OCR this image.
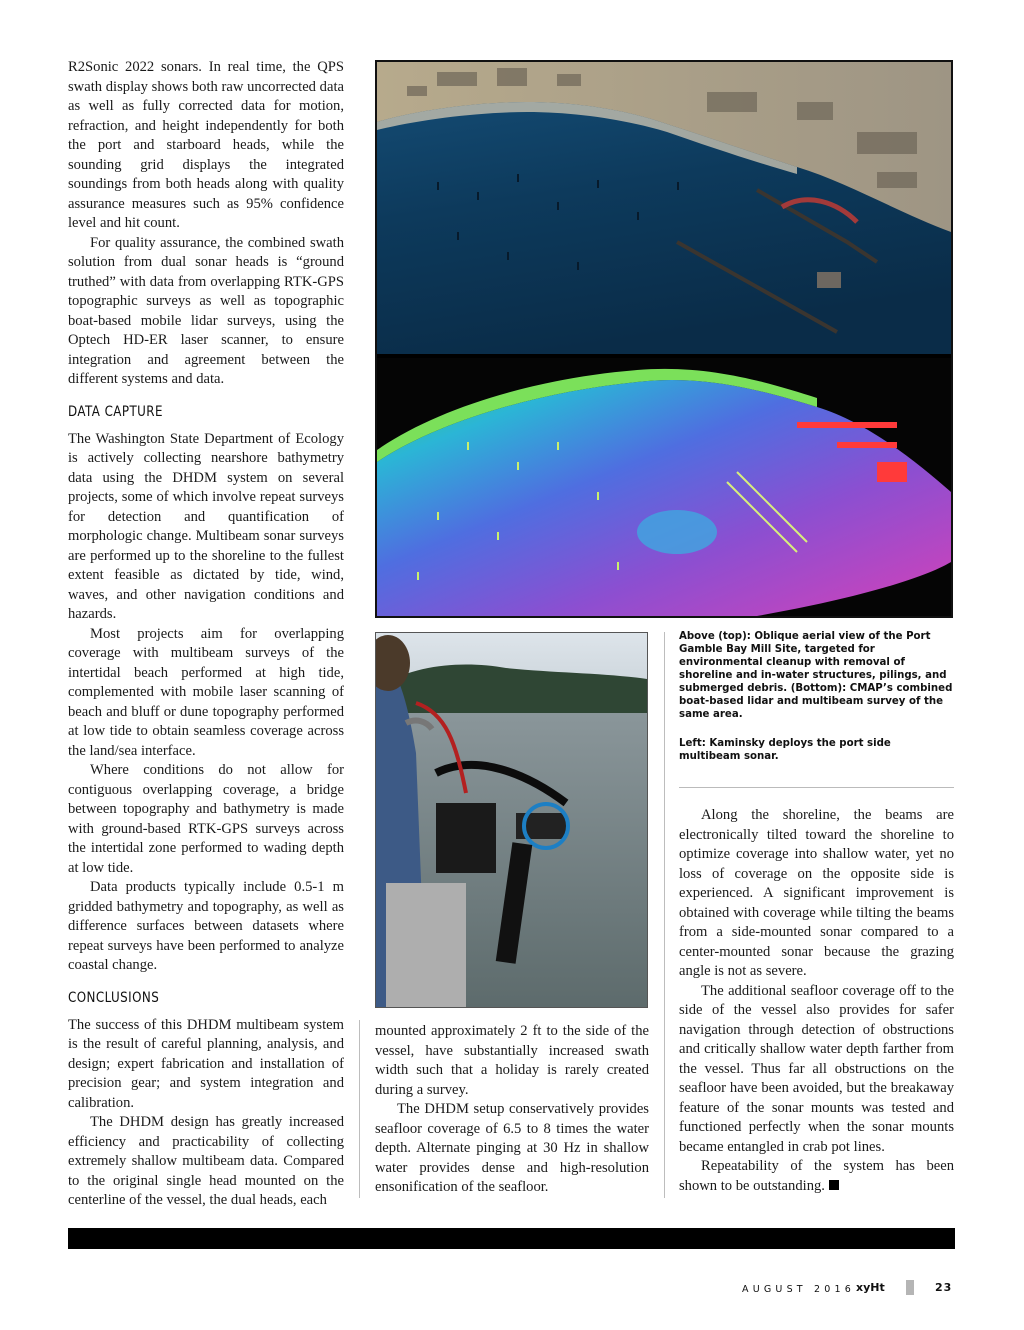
R2Sonic 2022 sonars. In real time, the QPS swath display shows both raw uncorrected data as well as fully corrected data for motion, refraction, and height independently for both the port and starboard heads, while the sounding grid displays the integrated soundings from both heads along with quality assurance measures such as 95% confidence level and hit count.

For quality assurance, the combined swath solution from dual sonar heads is “ground truthed” with data from overlapping RTK-GPS topographic surveys as well as topographic boat-based mobile lidar surveys, using the Optech HD-ER laser scanner, to ensure integration and agreement between the different systems and data.

DATA CAPTURE

The Washington State Department of Ecology is actively collecting nearshore bathymetry data using the DHDM system on several projects, some of which involve repeat surveys for detection and quantification of morphologic change. Multibeam sonar surveys are performed up to the shoreline to the fullest extent feasible as dictated by tide, wind, waves, and other navigation conditions and hazards.

Most projects aim for overlapping coverage with multibeam surveys of the intertidal beach performed at high tide, complemented with mobile laser scanning of beach and bluff or dune topography performed at low tide to obtain seamless coverage across the land/sea interface.

Where conditions do not allow for contiguous overlapping coverage, a bridge between topography and bathymetry is made with ground-based RTK-GPS surveys across the intertidal zone performed to wading depth at low tide.

Data products typically include 0.5-1 m gridded bathymetry and topography, as well as difference surfaces between datasets where repeat surveys have been performed to analyze coastal change.

CONCLUSIONS

The success of this DHDM multibeam system is the result of careful planning, analysis, and design; expert fabrication and installation of precision gear; and system integration and calibration.

The DHDM design has greatly increased efficiency and practicability of collecting extremely shallow multibeam data. Compared to the original single head mounted on the centerline of the vessel, the dual heads, each

Above (top): Oblique aerial view of the Port Gamble Bay Mill Site, targeted for environmental cleanup with removal of shoreline and in-water structures, pilings, and submerged debris. (Bottom): CMAP’s combined boat-based lidar and multibeam survey of the same area.
Left: Kaminsky deploys the port side multibeam sonar.

mounted approximately 2 ft to the side of the vessel, have substantially increased swath width such that a holiday is rarely created during a survey.

The DHDM setup conservatively provides seafloor coverage of 6.5 to 8 times the water depth. Alternate pinging at 30 Hz in shallow water provides dense and high-resolution ensonification of the seafloor.

Along the shoreline, the beams are electronically tilted toward the shoreline to optimize coverage into shallow water, yet no loss of coverage on the opposite side is experienced. A significant improvement is obtained with coverage while tilting the beams from a side-mounted sonar compared to a center-mounted sonar because the grazing angle is not as severe.

The additional seafloor coverage off to the side of the vessel also provides for safer navigation through detection of obstructions and critically shallow water depth farther from the vessel. Thus far all obstructions on the seafloor have been avoided, but the breakaway feature of the sonar mounts was tested and functioned perfectly when the sonar mounts became entangled in crab pot lines.

Repeatability of the system has been shown to be outstanding.

AUGUST 2016 xyHt	23
